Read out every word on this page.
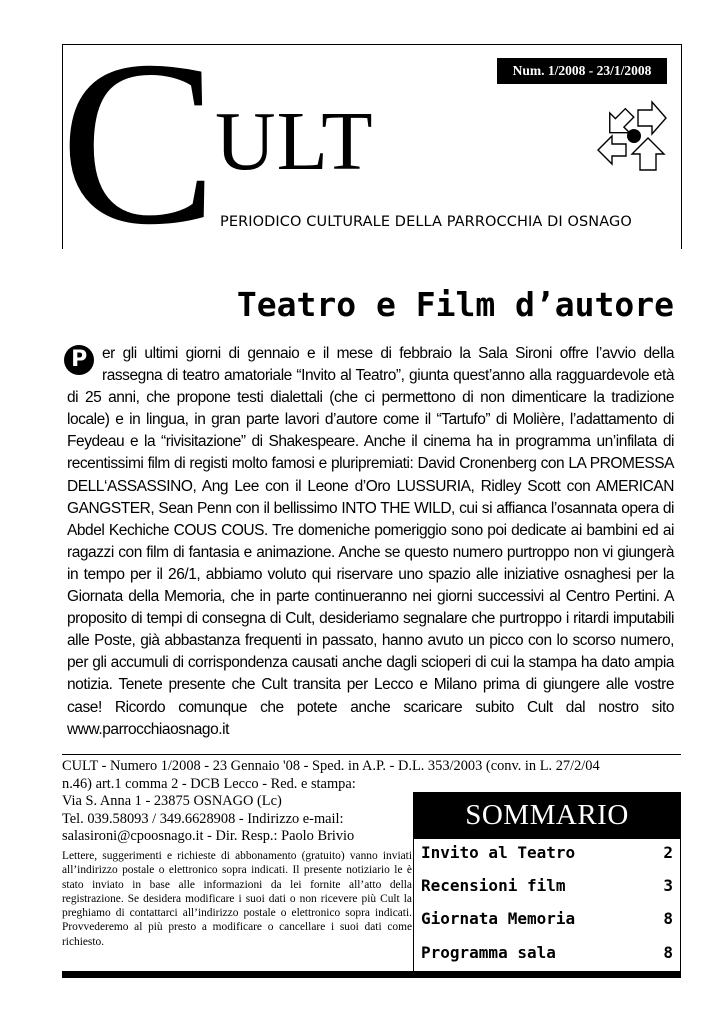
C ULT
PERIODICO CULTURALE DELLA PARROCCHIA DI OSNAGO
Num. 1/2008 - 23/1/2008
Teatro e Film d’autore
P er gli ultimi giorni di gennaio e il mese di febbraio la Sala Sironi offre l’avvio della rassegna di teatro amatoriale “Invito al Teatro”, giunta quest’anno alla ragguardevole età di 25 anni, che propone testi dialettali (che ci permettono di non dimenticare la tradizione locale) e in lingua, in gran parte lavori d’autore come il “Tartufo” di Molière, l’adattamento di Feydeau e la “rivisitazione” di Shakespeare. Anche il cinema ha in programma un’infilata di recentissimi film di registi molto famosi e pluripremiati: David Cronenberg con LA PROMESSA DELL‘ASSASSINO, Ang Lee con il Leone d’Oro LUSSURIA, Ridley Scott con AMERICAN GANGSTER, Sean Penn con il bellissimo INTO THE WILD, cui si affianca l’osannata opera di Abdel Kechiche COUS COUS. Tre domeniche pomeriggio sono poi dedicate ai bambini ed ai ragazzi con film di fantasia e animazione. Anche se questo numero purtroppo non vi giungerà in tempo per il 26/1, abbiamo voluto qui riservare uno spazio alle iniziative osnaghesi per la Giornata della Memoria, che in parte continueranno nei giorni successivi al Centro Pertini. A proposito di tempi di consegna di Cult, desideriamo segnalare che purtroppo i ritardi imputabili alle Poste, già abbastanza frequenti in passato, hanno avuto un picco con lo scorso numero, per gli accumuli di corrispondenza causati anche dagli scioperi di cui la stampa ha dato ampia notizia. Tenete presente che Cult transita per Lecco e Milano prima di giungere alle vostre case! Ricordo comunque che potete anche scaricare subito Cult dal nostro sito www.parrocchiaosnago.it
CULT - Numero 1/2008 - 23 Gennaio '08 - Sped. in A.P. - D.L. 353/2003 (conv. in L. 27/2/04
n.46) art.1 comma 2 - DCB Lecco - Red. e stampa:
Via S. Anna 1 - 23875 OSNAGO (Lc)
Tel. 039.58093 / 349.6628908 - Indirizzo e-mail:
salasironi@cpoosnago.it - Dir. Resp.: Paolo Brivio
Lettere, suggerimenti e richieste di abbonamento (gratuito) vanno inviati all’indirizzo postale o elettronico sopra indicati. Il presente notiziario le è stato inviato in base alle informazioni da lei fornite all’atto della registrazione. Se desidera modificare i suoi dati o non ricevere più Cult la preghiamo di contattarci all’indirizzo postale o elettronico sopra indicati. Provvederemo al più presto a modificare o cancellare i suoi dati come richiesto.
SOMMARIO
Invito al Teatro	2
Recensioni film	3
Giornata Memoria	8
Programma sala	8
